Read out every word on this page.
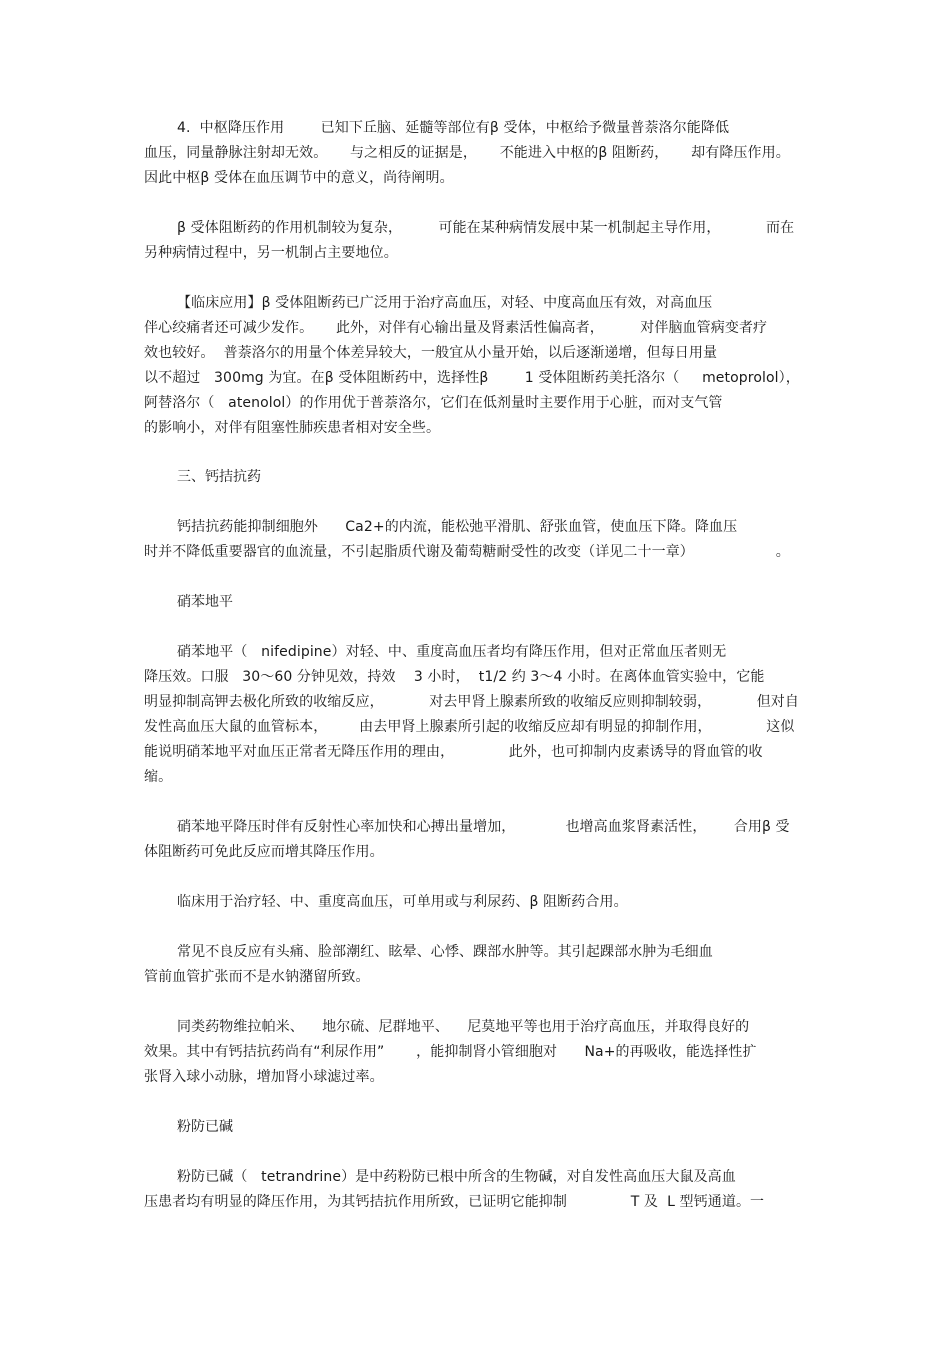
4.  中枢降压作用        已知下丘脑、延髓等部位有β 受体，中枢给予微量普萘洛尔能降低
血压，同量静脉注射却无效。     与之相反的证据是，     不能进入中枢的β 阻断药，     却有降压作用。
因此中枢β 受体在血压调节中的意义，尚待阐明。
β 受体阻断药的作用机制较为复杂，        可能在某种病情发展中某一机制起主导作用，          而在
另种病情过程中，另一机制占主要地位。
【临床应用】β 受体阻断药已广泛用于治疗高血压，对轻、中度高血压有效，对高血压
伴心绞痛者还可减少发作。     此外，对伴有心输出量及肾素活性偏高者，        对伴脑血管病变者疗
效也较好。  普萘洛尔的用量个体差异较大，一般宜从小量开始，以后逐渐递增，但每日用量
以不超过   300mg 为宜。在β 受体阻断药中，选择性β        1 受体阻断药美托洛尔（     metoprolol），
阿替洛尔（   atenolol）的作用优于普萘洛尔，它们在低剂量时主要作用于心脏，而对支气管
的影响小，对伴有阻塞性肺疾患者相对安全些。
三、钙拮抗药
钙拮抗药能抑制细胞外      Ca2+的内流，能松弛平滑肌、舒张血管，使血压下降。降血压
时并不降低重要器官的血流量，不引起脂质代谢及葡萄糖耐受性的改变（详见二十一章）                  。
硝苯地平
硝苯地平（   nifedipine）对轻、中、重度高血压者均有降压作用，但对正常血压者则无
降压效。口服   30～60 分钟见效，持效    3 小时，  t1/2 约 3～4 小时。在离体血管实验中，它能
明显抑制高钾去极化所致的收缩反应，          对去甲肾上腺素所致的收缩反应则抑制较弱，          但对自
发性高血压大鼠的血管标本，       由去甲肾上腺素所引起的收缩反应却有明显的抑制作用，            这似
能说明硝苯地平对血压正常者无降压作用的理由，            此外，也可抑制内皮素诱导的肾血管的收
缩。
硝苯地平降压时伴有反射性心率加快和心搏出量增加，           也增高血浆肾素活性，      合用β 受
体阻断药可免此反应而增其降压作用。
临床用于治疗轻、中、重度高血压，可单用或与利尿药、β 阻断药合用。
常见不良反应有头痛、脸部潮红、眩晕、心悸、踝部水肿等。其引起踝部水肿为毛细血
管前血管扩张而不是水钠潴留所致。
同类药物维拉帕米、    地尔硫、尼群地平、    尼莫地平等也用于治疗高血压，并取得良好的
效果。其中有钙拮抗药尚有“利尿作用”       ，能抑制肾小管细胞对      Na+的再吸收，能选择性扩
张肾入球小动脉，增加肾小球滤过率。
粉防已碱
粉防已碱（   tetrandrine）是中药粉防已根中所含的生物碱，对自发性高血压大鼠及高血
压患者均有明显的降压作用，为其钙拮抗作用所致，已证明它能抑制              T 及  L 型钙通道。一
